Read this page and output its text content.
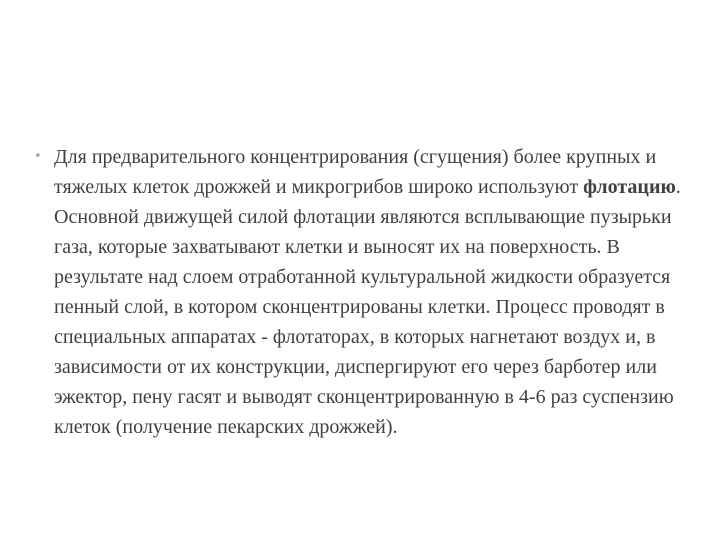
• Для предварительного концентрирования (сгущения) более крупных и тяжелых клеток дрожжей и микрогрибов широко используют флотацию. Основной движущей силой флотации являются всплывающие пузырьки газа, которые захватывают клетки и выносят их на поверхность. В результате над слоем отработанной культуральной жидкости образуется пенный слой, в котором сконцентрированы клетки. Процесс проводят в специальных аппаратах - флотаторах, в которых нагнетают воздух и, в зависимости от их конструкции, диспергируют его через барботер или эжектор, пену гасят и выводят сконцентрированную в 4-6 раз суспензию клеток (получение пекарских дрожжей).
